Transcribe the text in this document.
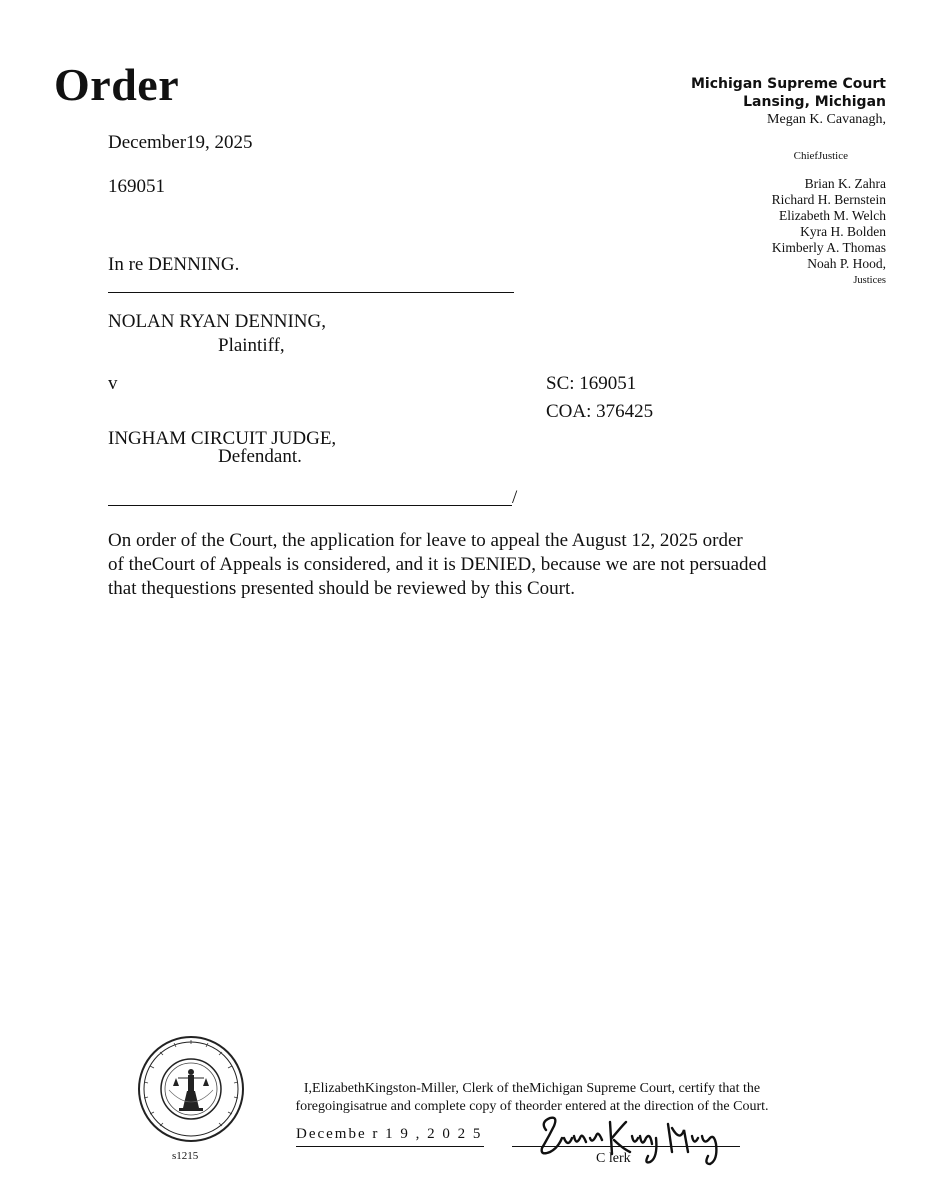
Order	Michigan Supreme Court
Lansing, Michigan
Megan K. Cavanagh,
ChiefJustice
Brian K. Zahra
Richard H. Bernstein
Elizabeth M. Welch
Kyra H. Bolden
Kimberly A. Thomas
Noah P. Hood,
Justices
December19, 2025
169051
In re DENNING.
NOLAN RYAN DENNING,
Plaintiff,
v	SC: 169051
COA: 376425
INGHAM CIRCUIT JUDGE,
Defendant.
/
On order of the Court, the application for leave to appeal the August 12, 2025 order
of theCourt of Appeals is considered, and it is DENIED, because we are not persuaded
that thequestions presented should be reviewed by this Court.
s1215
I,ElizabethKingston-Miller, Clerk of theMichigan Supreme Court, certify that the
foregoingisatrue and complete copy of theorder entered at the direction of the Court.
Decembe r 1 9 , 2 0 2 5
C lerk
